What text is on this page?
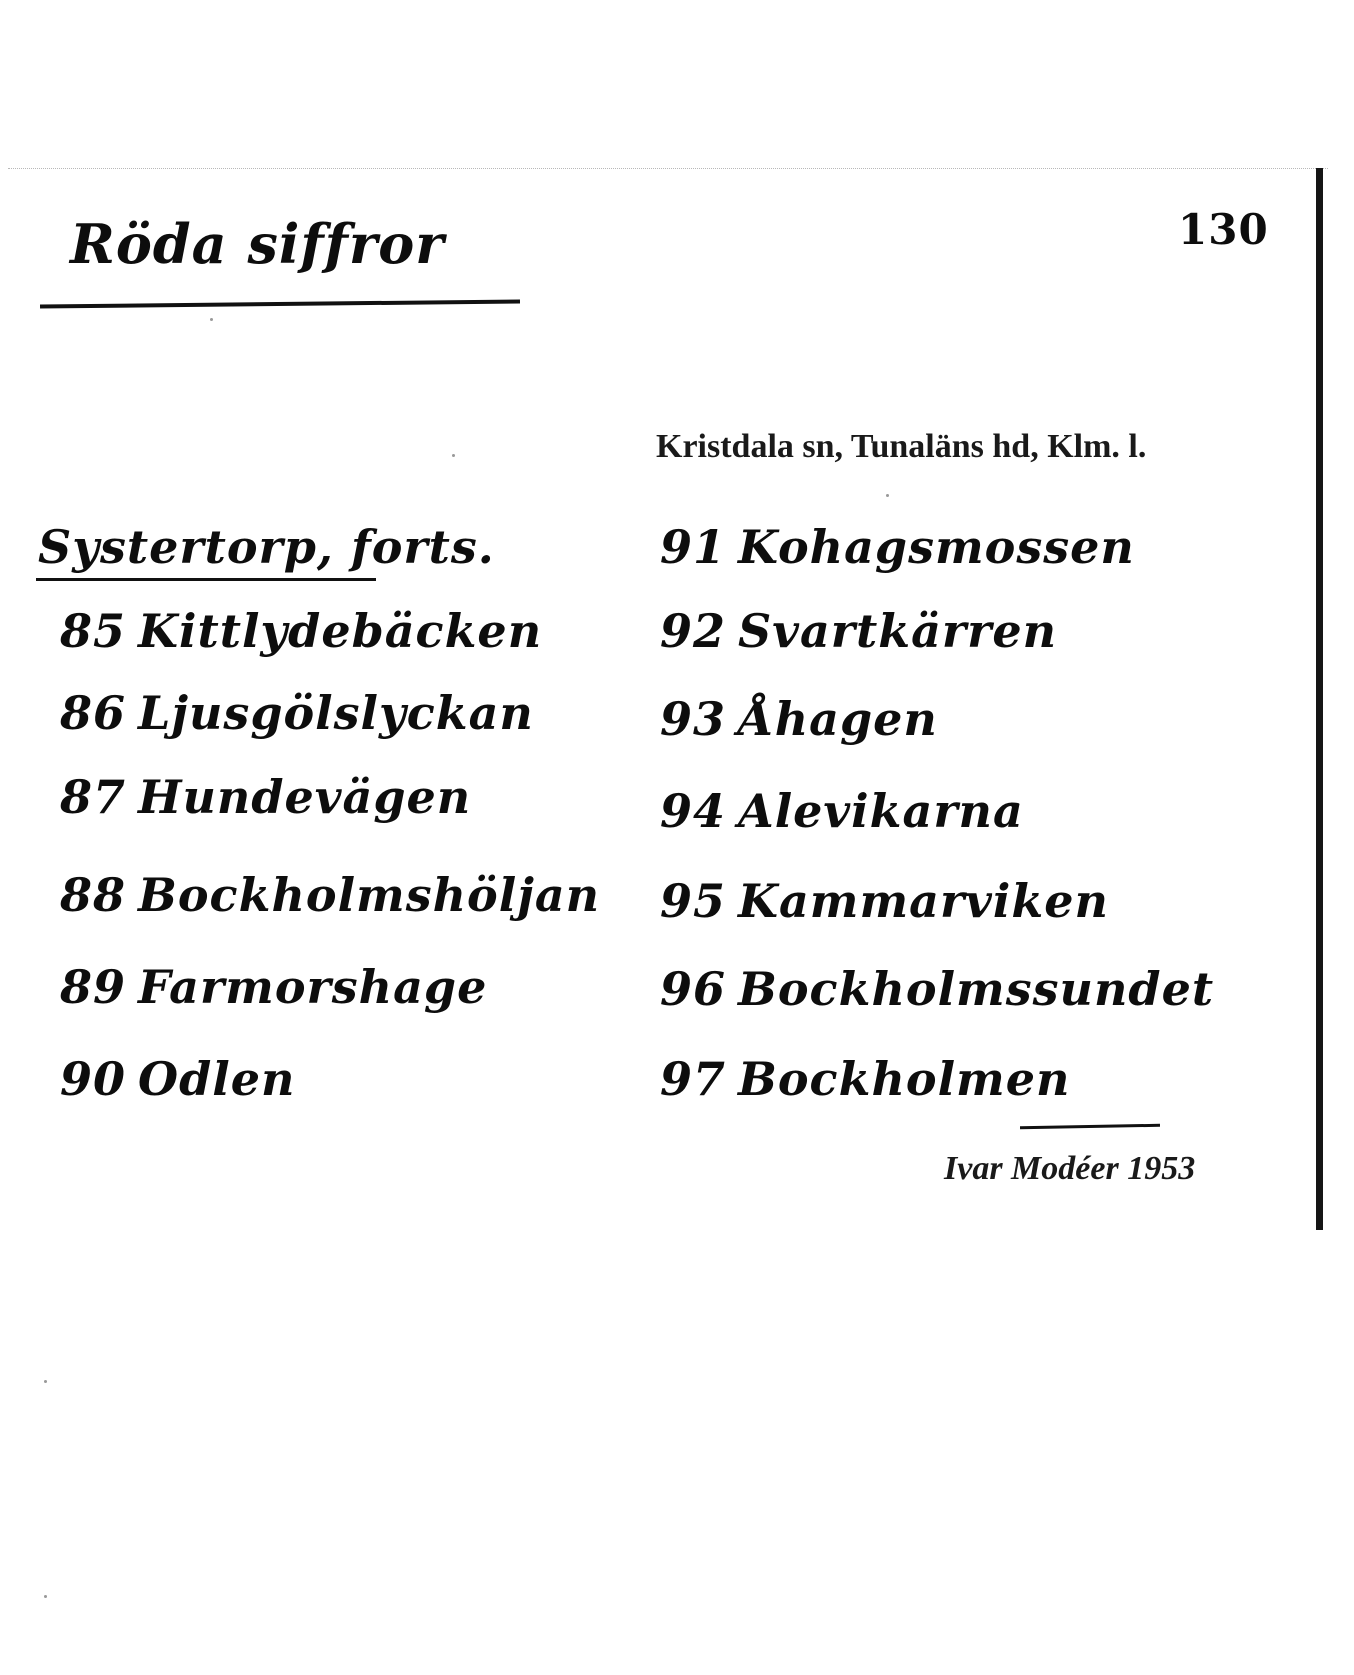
Röda siffror	130
Kristdala sn, Tunaläns hd, Klm. l.
Systertorp, forts.
85 Kittlydebäcken
86 Ljusgölslyckan
87 Hundevägen
88 Bockholmshöljan
89 Farmorshage
90 Odlen
91 Kohagsmossen
92 Svartkärren
93 Åhagen
94 Alevikarna
95 Kammarviken
96 Bockholmssundet
97 Bockholmen
Ivar Modéer 1953
